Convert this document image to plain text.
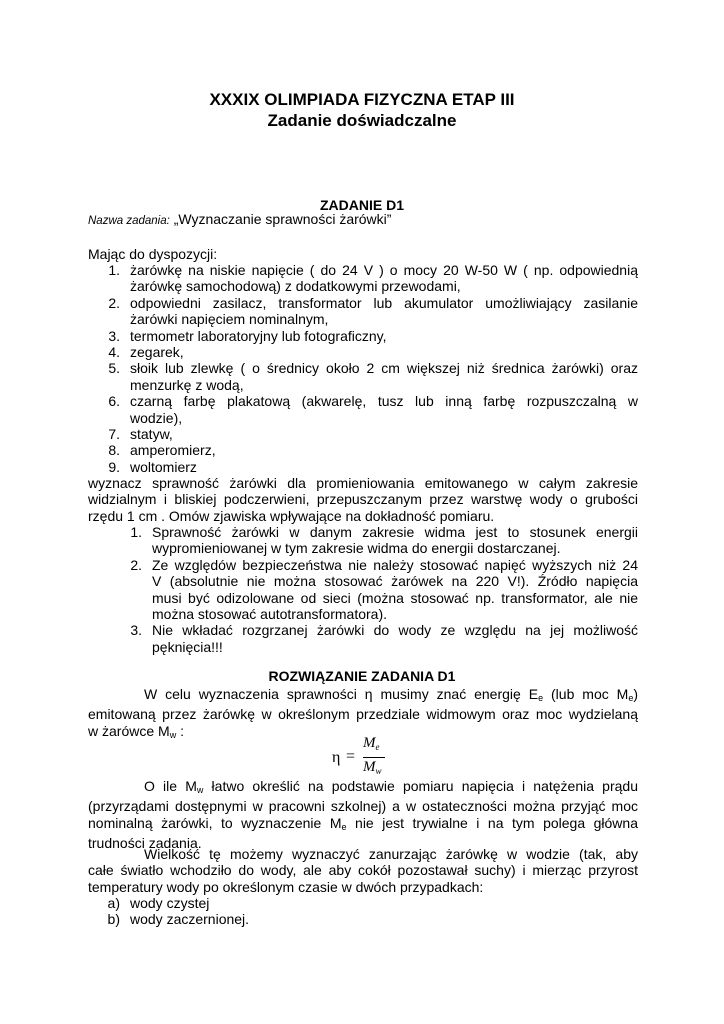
XXXIX OLIMPIADA FIZYCZNA ETAP III
Zadanie doświadczalne
ZADANIE D1
Nazwa zadania: „Wyznaczanie sprawności żarówki”
Mając do dyspozycji:
1. żarówkę na niskie napięcie ( do 24 V ) o mocy 20 W-50 W ( np. odpowiednią
żarówkę samochodową) z dodatkowymi przewodami,
2. odpowiedni zasilacz, transformator lub akumulator umożliwiający zasilanie
żarówki napięciem nominalnym,
3. termometr laboratoryjny lub fotograficzny,
4. zegarek,
5. słoik lub zlewkę ( o średnicy około 2 cm większej niż średnica żarówki) oraz
menzurkę z wodą,
6. czarną farbę plakatową (akwarelę, tusz lub inną farbę rozpuszczalną w
wodzie),
7. statyw,
8. amperomierz,
9. woltomierz
wyznacz sprawność żarówki dla promieniowania emitowanego w całym zakresie
widzialnym i bliskiej podczerwieni, przepuszczanym przez warstwę wody o grubości
rzędu 1 cm . Omów zjawiska wpływające na dokładność pomiaru.
1. Sprawność żarówki w danym zakresie widma jest to stosunek energii
wypromieniowanej w tym zakresie widma do energii dostarczanej.
2. Ze względów bezpieczeństwa nie należy stosować napięć wyższych niż 24
V (absolutnie nie można stosować żarówek na 220 V!). Źródło napięcia
musi być odizolowane od sieci (można stosować np. transformator, ale nie
można stosować autotransformatora).
3. Nie wkładać rozgrzanej żarówki do wody ze względu na jej możliwość
pęknięcia!!!
ROZWIĄZANIE ZADANIA D1
W celu wyznaczenia sprawności η musimy znać energię $E_e$ (lub moc $M_e$)
emitowaną przez żarówkę w określonym przedziale widmowym oraz moc wydzielaną
w żarówce $M_w$ :
η =
$M_e$
$M_w$
O ile $M_w$ łatwo określić na podstawie pomiaru napięcia i natężenia prądu
(przyrządami dostępnymi w pracowni szkolnej) a w ostateczności można przyjąć moc
nominalną żarówki, to wyznaczenie $M_e$ nie jest trywialne i na tym polega główna
trudności zadania.
Wielkość tę możemy wyznaczyć zanurzając żarówkę w wodzie (tak, aby
całe światło wchodziło do wody, ale aby cokół pozostawał suchy) i mierząc przyrost
temperatury wody po określonym czasie w dwóch przypadkach:
a) wody czystej
b) wody zaczernionej.
